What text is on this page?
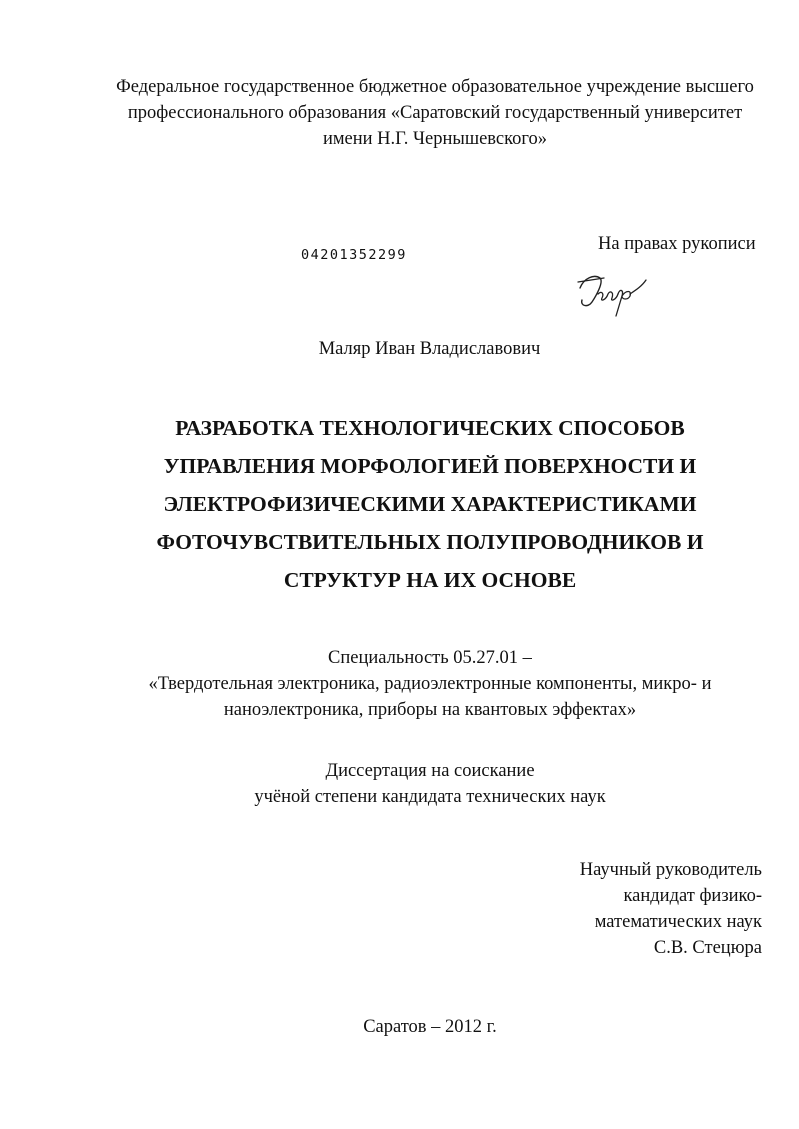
Федеральное государственное бюджетное образовательное учреждение высшего
профессионального образования «Саратовский государственный университет
имени Н.Г. Чернышевского»
04201352299
На правах рукописи
Маляр Иван Владиславович
РАЗРАБОТКА ТЕХНОЛОГИЧЕСКИХ СПОСОБОВ
УПРАВЛЕНИЯ МОРФОЛОГИЕЙ ПОВЕРХНОСТИ И
ЭЛЕКТРОФИЗИЧЕСКИМИ ХАРАКТЕРИСТИКАМИ
ФОТОЧУВСТВИТЕЛЬНЫХ ПОЛУПРОВОДНИКОВ И
СТРУКТУР НА ИХ ОСНОВЕ
Специальность 05.27.01 –
«Твердотельная электроника, радиоэлектронные компоненты, микро- и
наноэлектроника, приборы на квантовых эффектах»
Диссертация на соискание
учёной степени кандидата технических наук
Научный руководитель
кандидат физико-
математических наук
С.В. Стецюра
Саратов – 2012 г.
